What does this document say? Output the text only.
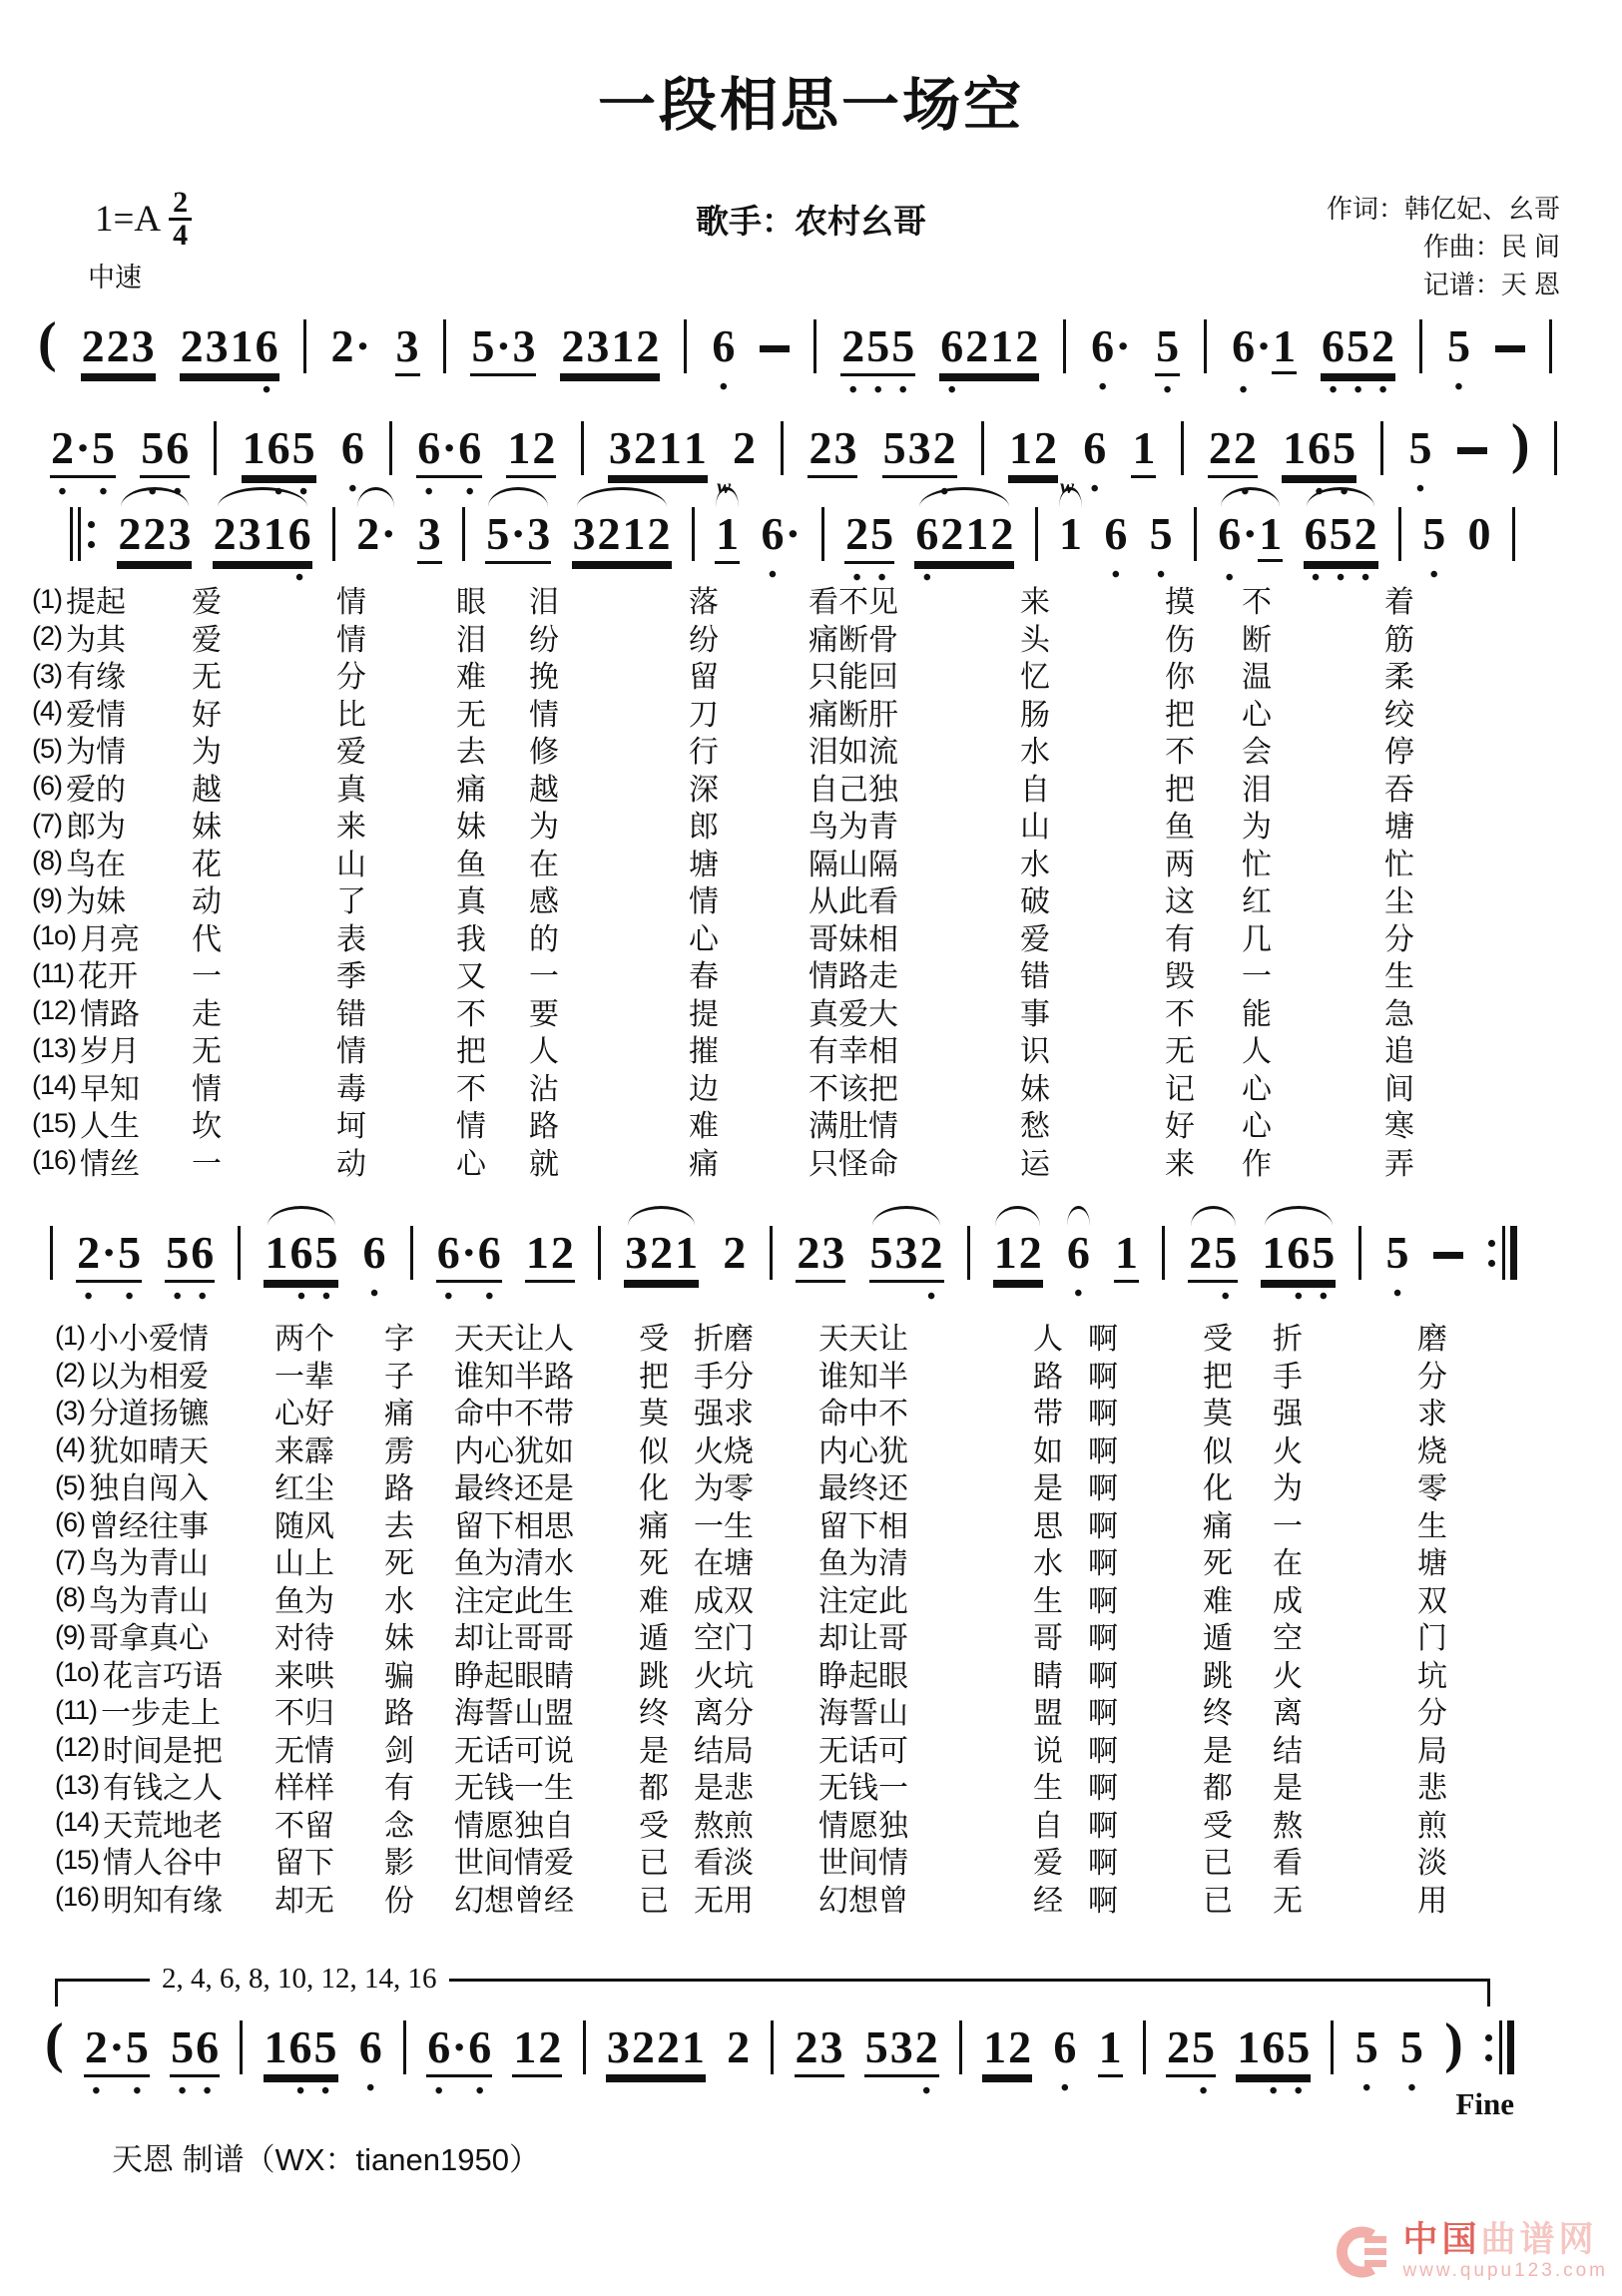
一段相思一场空
$1=A \frac{2}{4}$	歌手：农村幺哥	作词：韩亿妃、幺哥
作曲：民 间
记谱：天 恩
中速
( 2 2 3 2 3 1 6
•
2 · 3 5 · 3 2 3 1 2 6
•
2 5 5
• • •
6 2 1 2
•
6 ·
•
5
•
6 · 1
•
6 5 2
• • •
5
•
2 · 5
•	•
5 6
• •
1 6 5
• •
6
•
6 · 6
•	•
1 2 3 2 1 1 2 2 3 5 3 2
•
1 2 6
•
1 2 2
•
1 6 5
• •
5
•
)
2 2 3 2 3 1 6
•
2 · 3 5 · 3 3 2 1 2
w
1 6 ·
•
2 5
• •
6 2 1 2
•
w
1 6
•
5
•
6 · 1
•
6 5 2
• • •
5
•
0
(1) 提起 爱	情	眼	泪	落	看不见	来	摸	不	着
(2) 为其 爱	情	泪	纷	纷	痛断骨	头	伤	断	筋
(3) 有缘 无	分	难	挽	留	只能回	忆	你	温	柔
(4) 爱情 好	比	无	情	刀	痛断肝	肠	把	心	绞
(5) 为情 为	爱	去	修	行	泪如流	水	不	会	停
(6) 爱的 越	真	痛	越	深	自己独	自	把	泪	吞
(7) 郎为 妹	来	妹	为	郎	鸟为青	山	鱼	为	塘
(8) 鸟在 花	山	鱼	在	塘	隔山隔	水	两	忙	忙
(9) 为妹 动	了	真	感	情	从此看	破	这	红	尘
(1o) 月亮 代	表	我	的	心	哥妹相	爱	有	几	分
(11) 花开 一	季	又	一	春	情路走	错	毁	一	生
(12) 情路 走	错	不	要	提	真爱大	事	不	能	急
(13) 岁月 无	情	把	人	摧	有幸相	识	无	人	追
(14) 早知 情	毒	不	沾	边	不该把	妹	记	心	间
(15) 人生 坎	坷	情	路	难	满肚情	愁	好	心	寒
(16) 情丝 一	动	心	就	痛	只怪命	运	来	作	弄
2 · 5
•	•
5 6
• •
1 6 5
• •
6
•
6 · 6
•	•
1 2 3 2 1 2 2 3 5 3 2
•
1 2 6
•
1 2 5
•
1 6 5
• •
5
•
(1) 小小爱情 两个	字	天天让人	受 折磨	天天让	人 啊	受	折	磨
(2) 以为相爱 一辈	子	谁知半路	把 手分	谁知半	路 啊	把	手	分
(3) 分道扬镳 心好	痛	命中不带	莫 强求	命中不	带 啊	莫	强	求
(4) 犹如晴天 来霹	雳	内心犹如	似 火烧	内心犹	如 啊	似	火	烧
(5) 独自闯入 红尘	路	最终还是	化 为零	最终还	是 啊	化	为	零
(6) 曾经往事 随风	去	留下相思	痛 一生	留下相	思 啊	痛	一	生
(7) 鸟为青山 山上	死	鱼为清水	死 在塘	鱼为清	水 啊	死	在	塘
(8) 鸟为青山 鱼为	水	注定此生	难 成双	注定此	生 啊	难	成	双
(9) 哥拿真心 对待	妹	却让哥哥	遁 空门	却让哥	哥 啊	遁	空	门
(1o) 花言巧语 来哄	骗	睁起眼睛	跳 火坑	睁起眼	睛 啊	跳	火	坑
(11) 一步走上 不归	路	海誓山盟	终 离分	海誓山	盟 啊	终	离	分
(12) 时间是把 无情	剑	无话可说	是 结局	无话可	说 啊	是	结	局
(13) 有钱之人 样样	有	无钱一生	都 是悲	无钱一	生 啊	都	是	悲
(14) 天荒地老 不留	念	情愿独自	受 熬煎	情愿独	自 啊	受	熬	煎
(15) 情人谷中 留下	影	世间情爱	已 看淡	世间情	爱 啊	已	看	淡
(16) 明知有缘 却无	份	幻想曾经	已 无用	幻想曾	经 啊	已	无	用
2, 4, 6, 8, 10, 12, 14, 16
( 2 · 5
•	•
5 6
• •
1 6 5
• •
6
•
6 · 6
•	•
1 2 3 2 2 1 2 2 3 5 3 2
•
1 2 6
•
1 2 5
•
1 6 5
• •
5
•
5
•
)
Fine
天恩 制谱（WX：tianen1950）
中国曲谱网
www.qupu123.com
